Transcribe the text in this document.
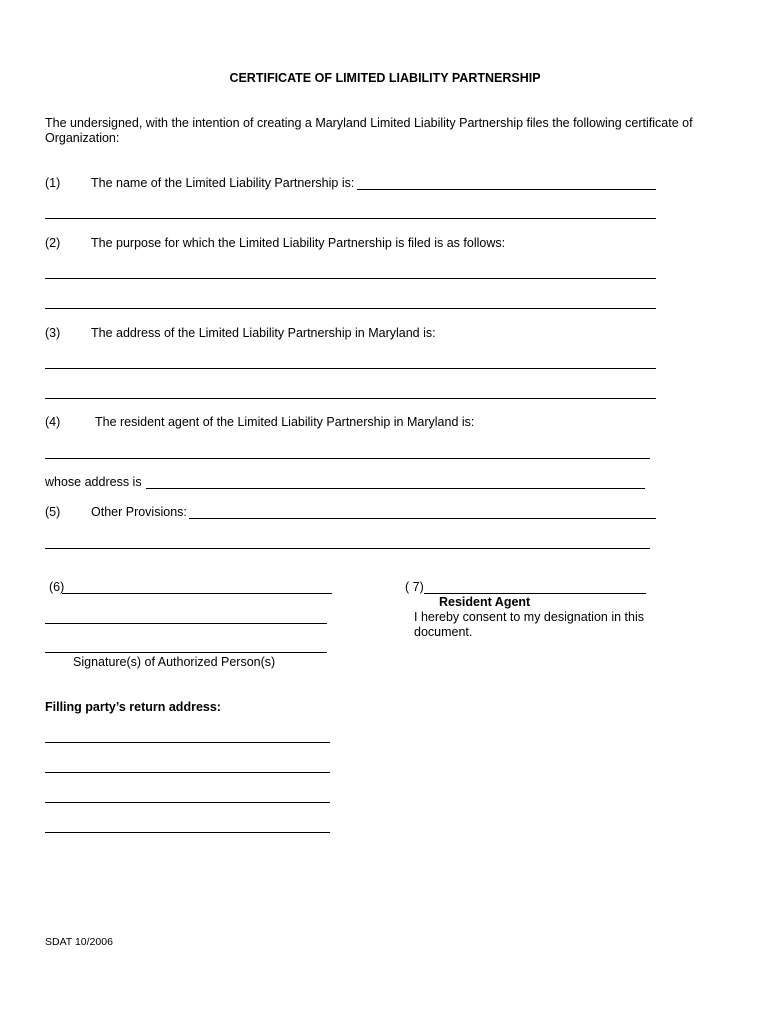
CERTIFICATE OF LIMITED LIABILITY PARTNERSHIP
The undersigned, with the intention of creating a Maryland Limited Liability Partnership files the following certificate of Organization:
(1) The name of the Limited Liability Partnership is:
(2) The purpose for which the Limited Liability Partnership is filed is as follows:
(3) The address of the Limited Liability Partnership in Maryland is:
(4)	The resident agent of the Limited Liability Partnership in Maryland is:
whose address is
(5) Other Provisions:
(6)
Signature(s) of Authorized Person(s)
( 7)
Resident Agent
I hereby consent to my designation in this
document.
Filling party’s return address:
SDAT 10/2006
